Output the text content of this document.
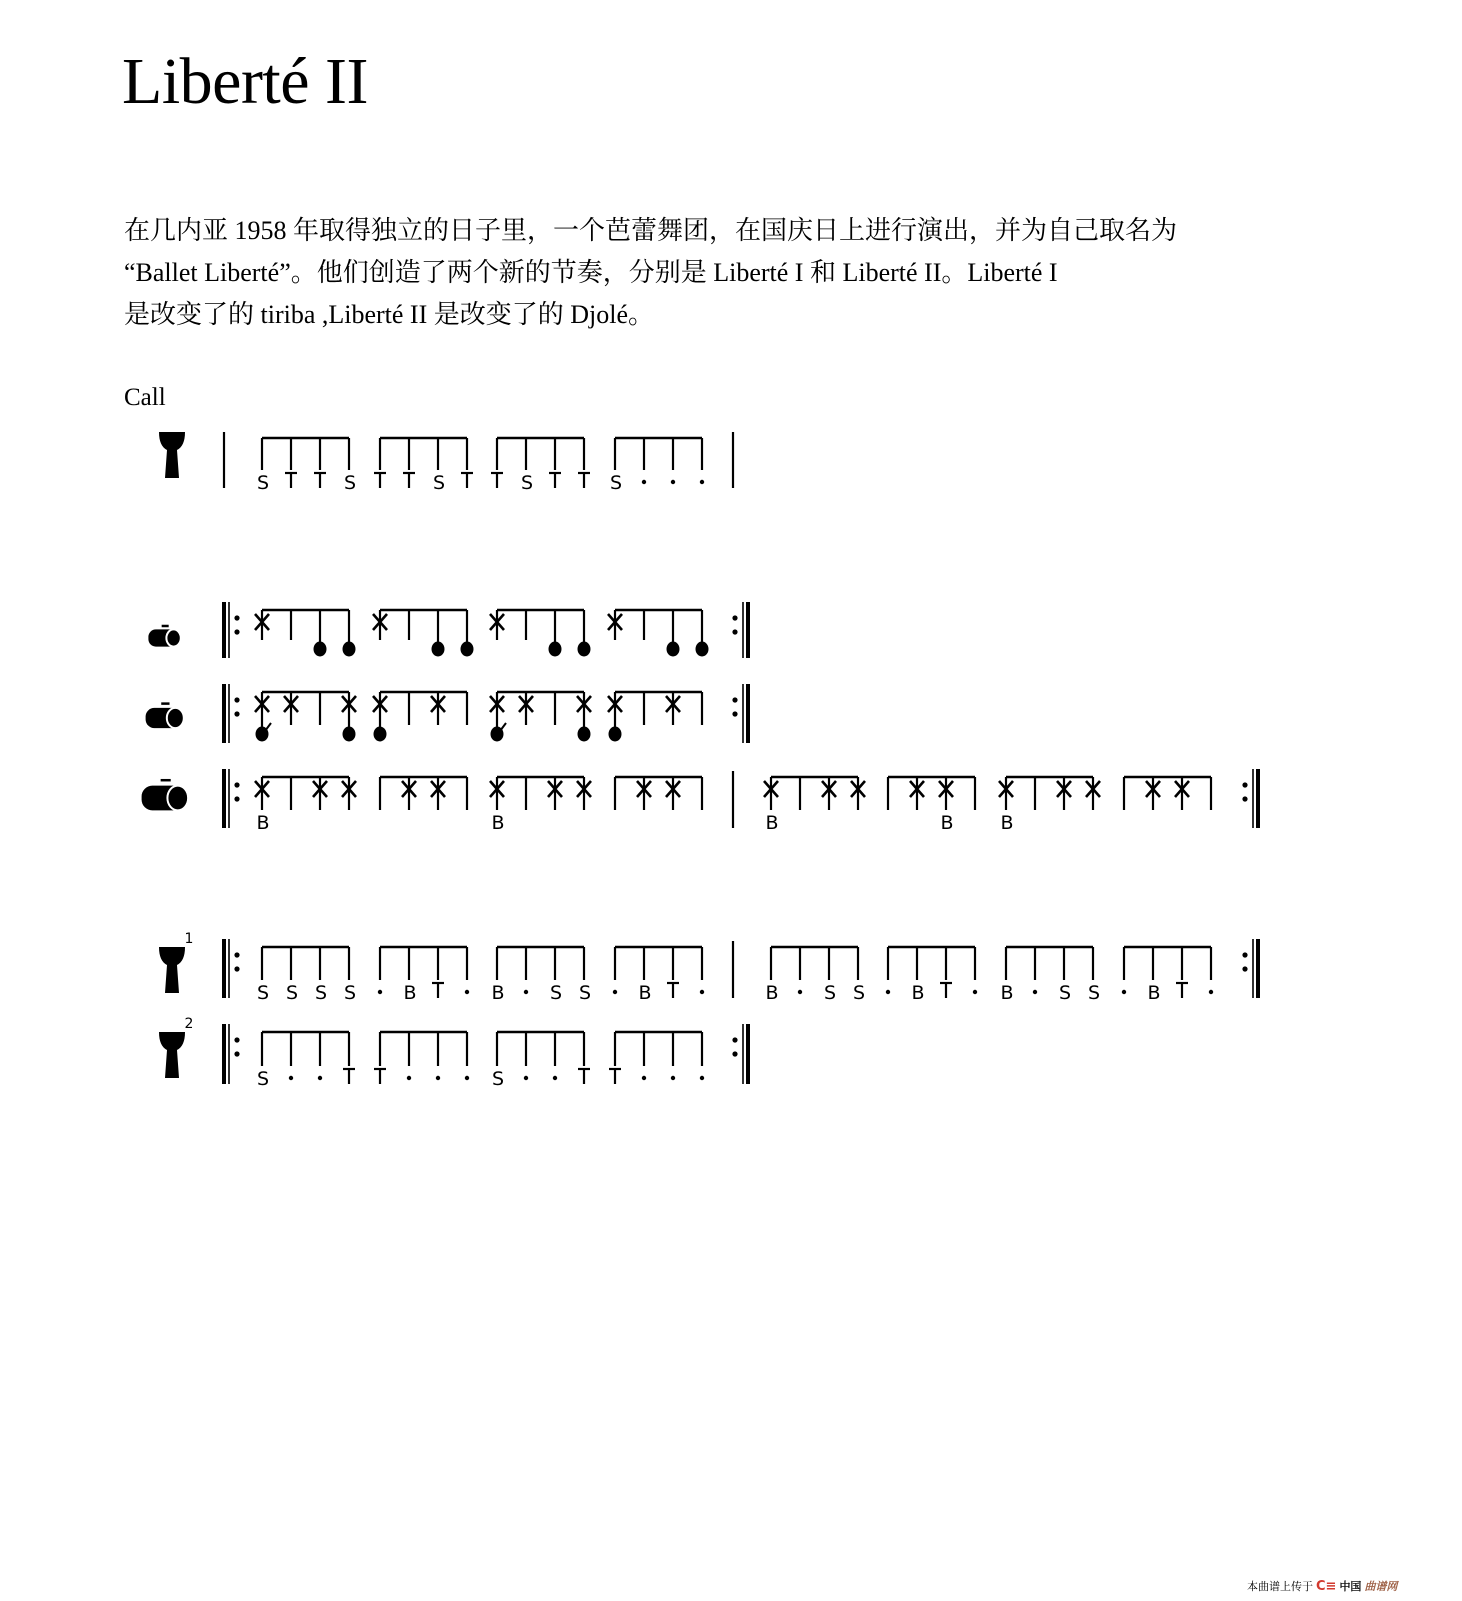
Liberté II

在几内亚 1958 年取得独立的日子里，一个芭蕾舞团，在国庆日上进行演出，并为自己取名为

“Ballet Liberté”。他们创造了两个新的节奏，分别是 Liberté I 和 Liberté II。Liberté I

是改变了的 tiriba ,Liberté II 是改变了的 Djolé。

Call
S	S	S	S	S
B	B	B	B B
1
S S S S B	B S S B	B S S B	B S S B
2
S	S
本曲谱上传于 C≡ 中国 曲谱网
